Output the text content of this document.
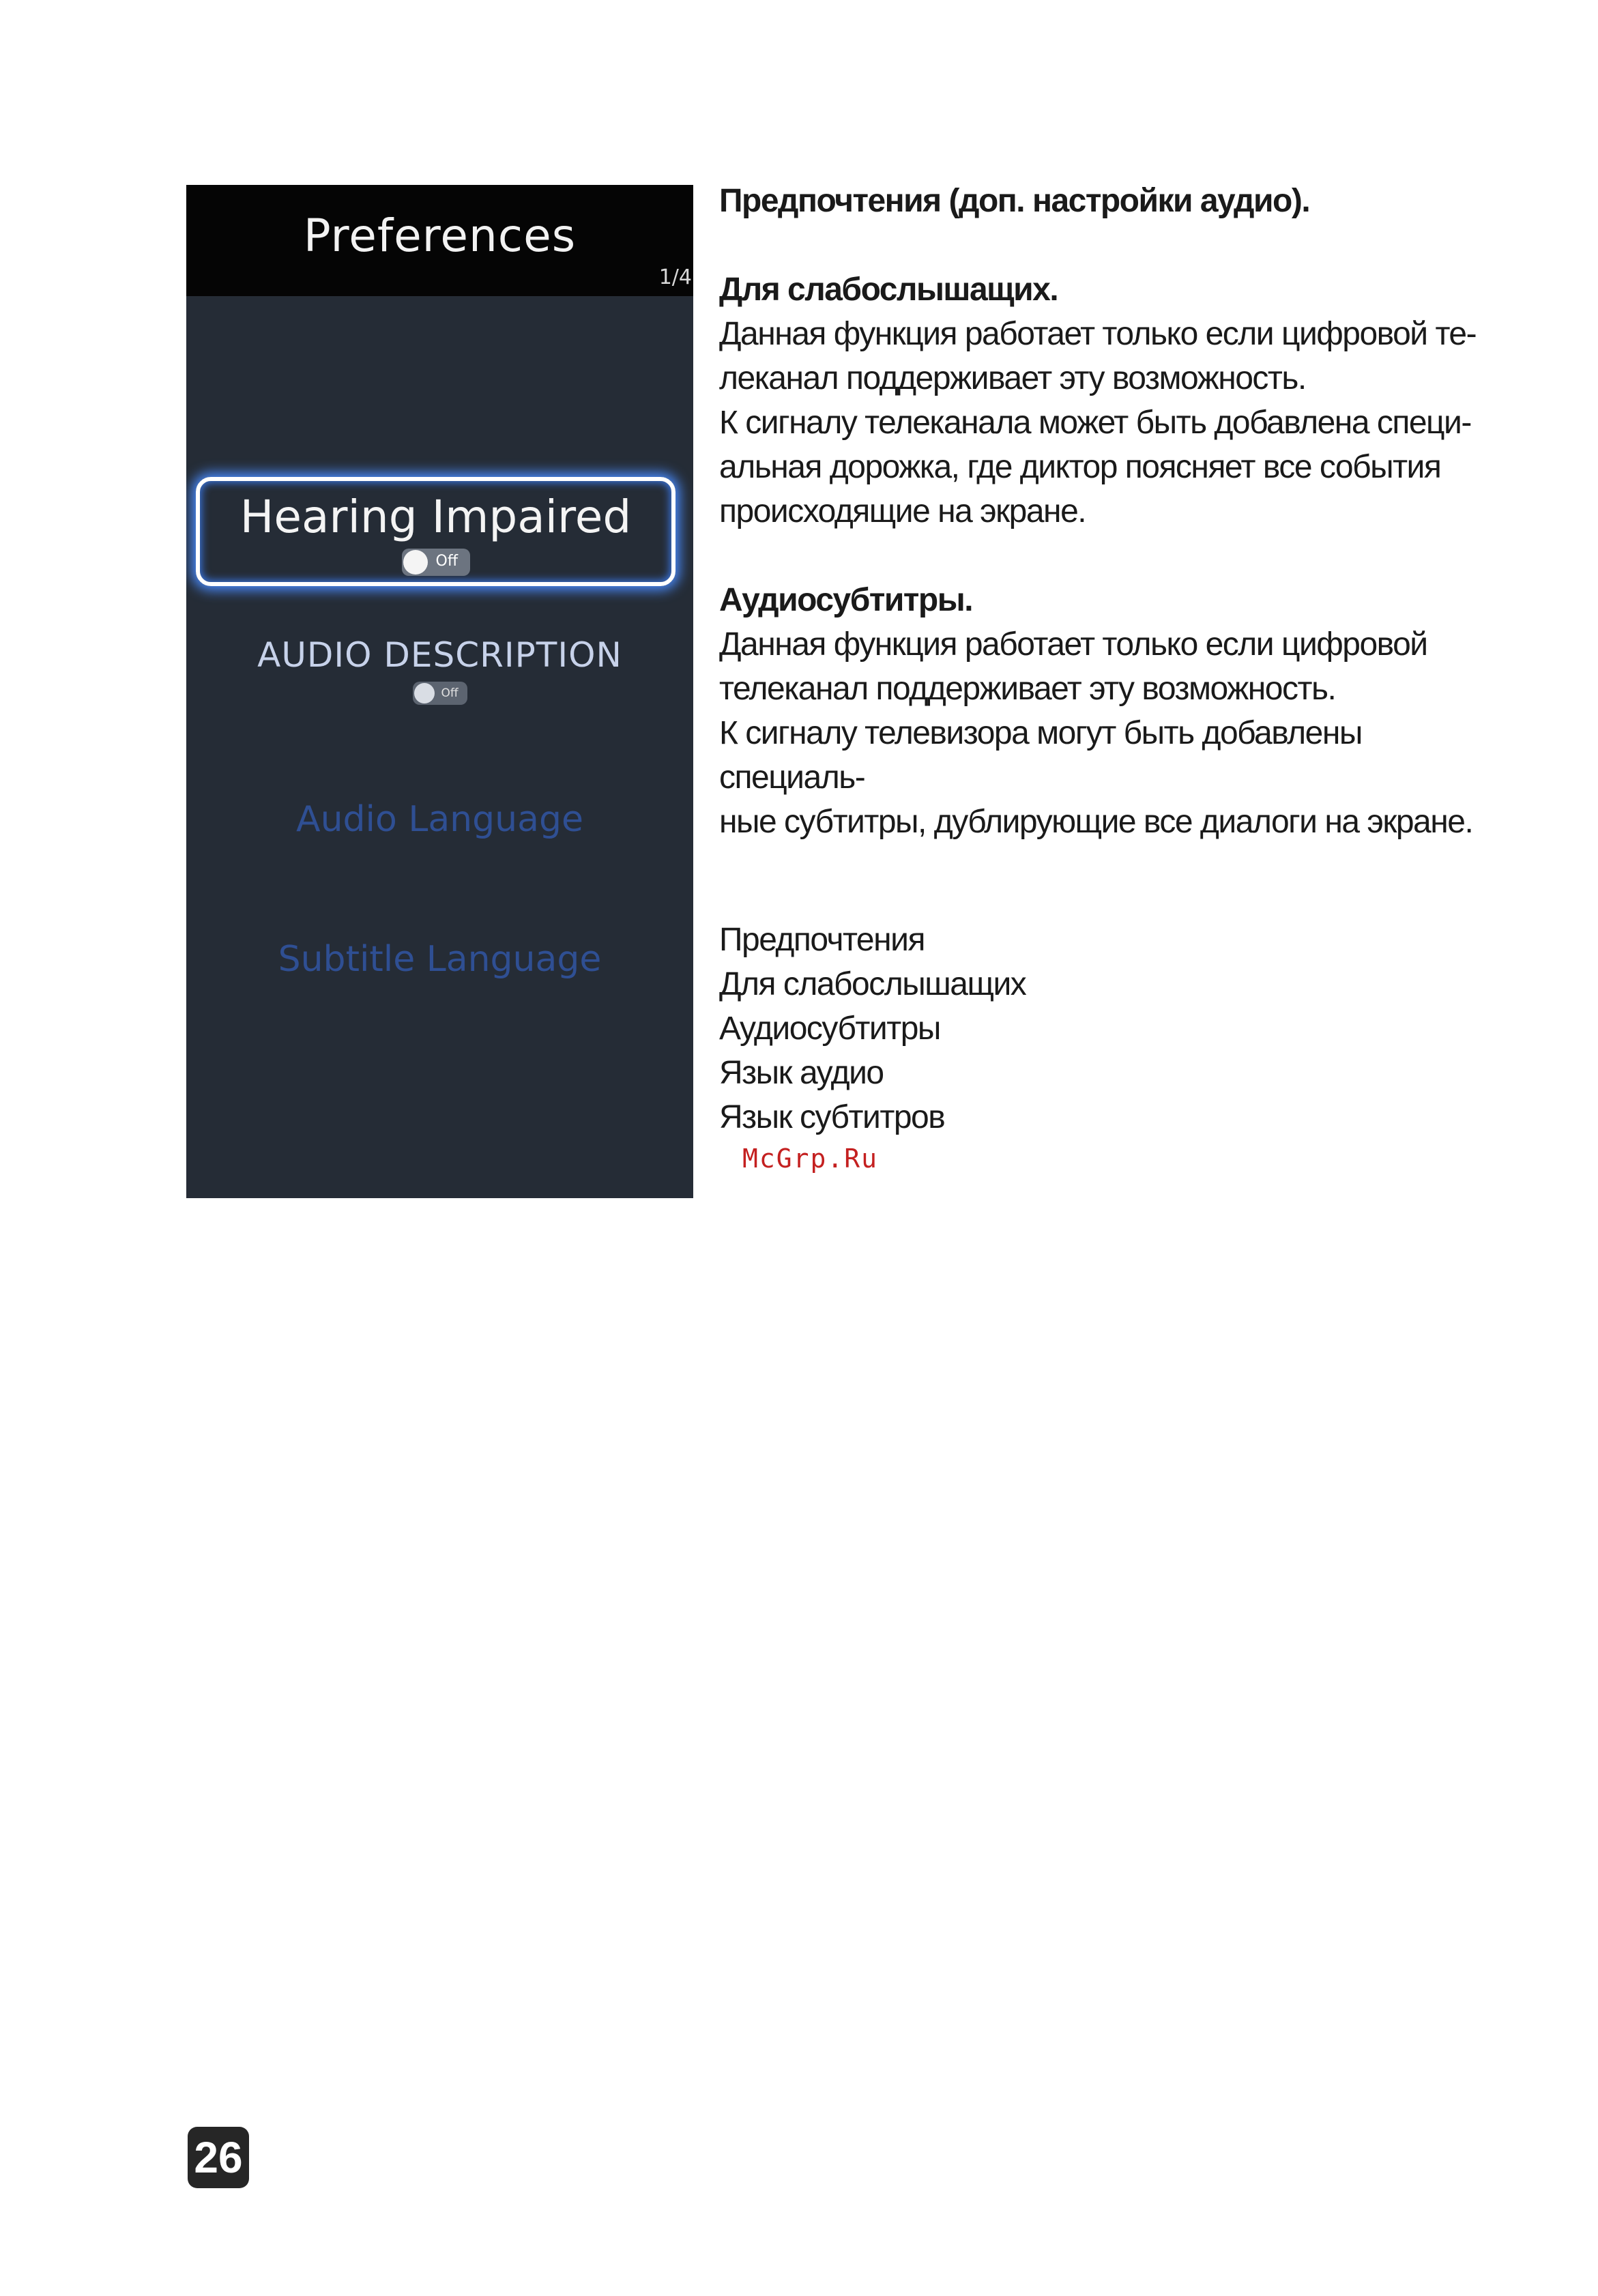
Preferences
1/4
Hearing Impaired
Off
AUDIO DESCRIPTION
Off
Audio Language
Subtitle Language

Предпочтения (доп. настройки аудио).

Для слабослышащих.

Данная функция работает только если цифровой те-

леканал поддерживает эту возможность.

К сигналу телеканала может быть добавлена специ-

альная дорожка, где диктор поясняет все события

происходящие на экране.

Аудиосубтитры.

Данная функция работает только если цифровой

телеканал поддерживает эту возможность.

К сигналу телевизора могут быть добавлены специаль-

ные субтитры, дублирующие все диалоги на экране.

Предпочтения

Для слабослышащих

Аудиосубтитры

Язык аудио

Язык субтитров

McGrp.Ru
26
